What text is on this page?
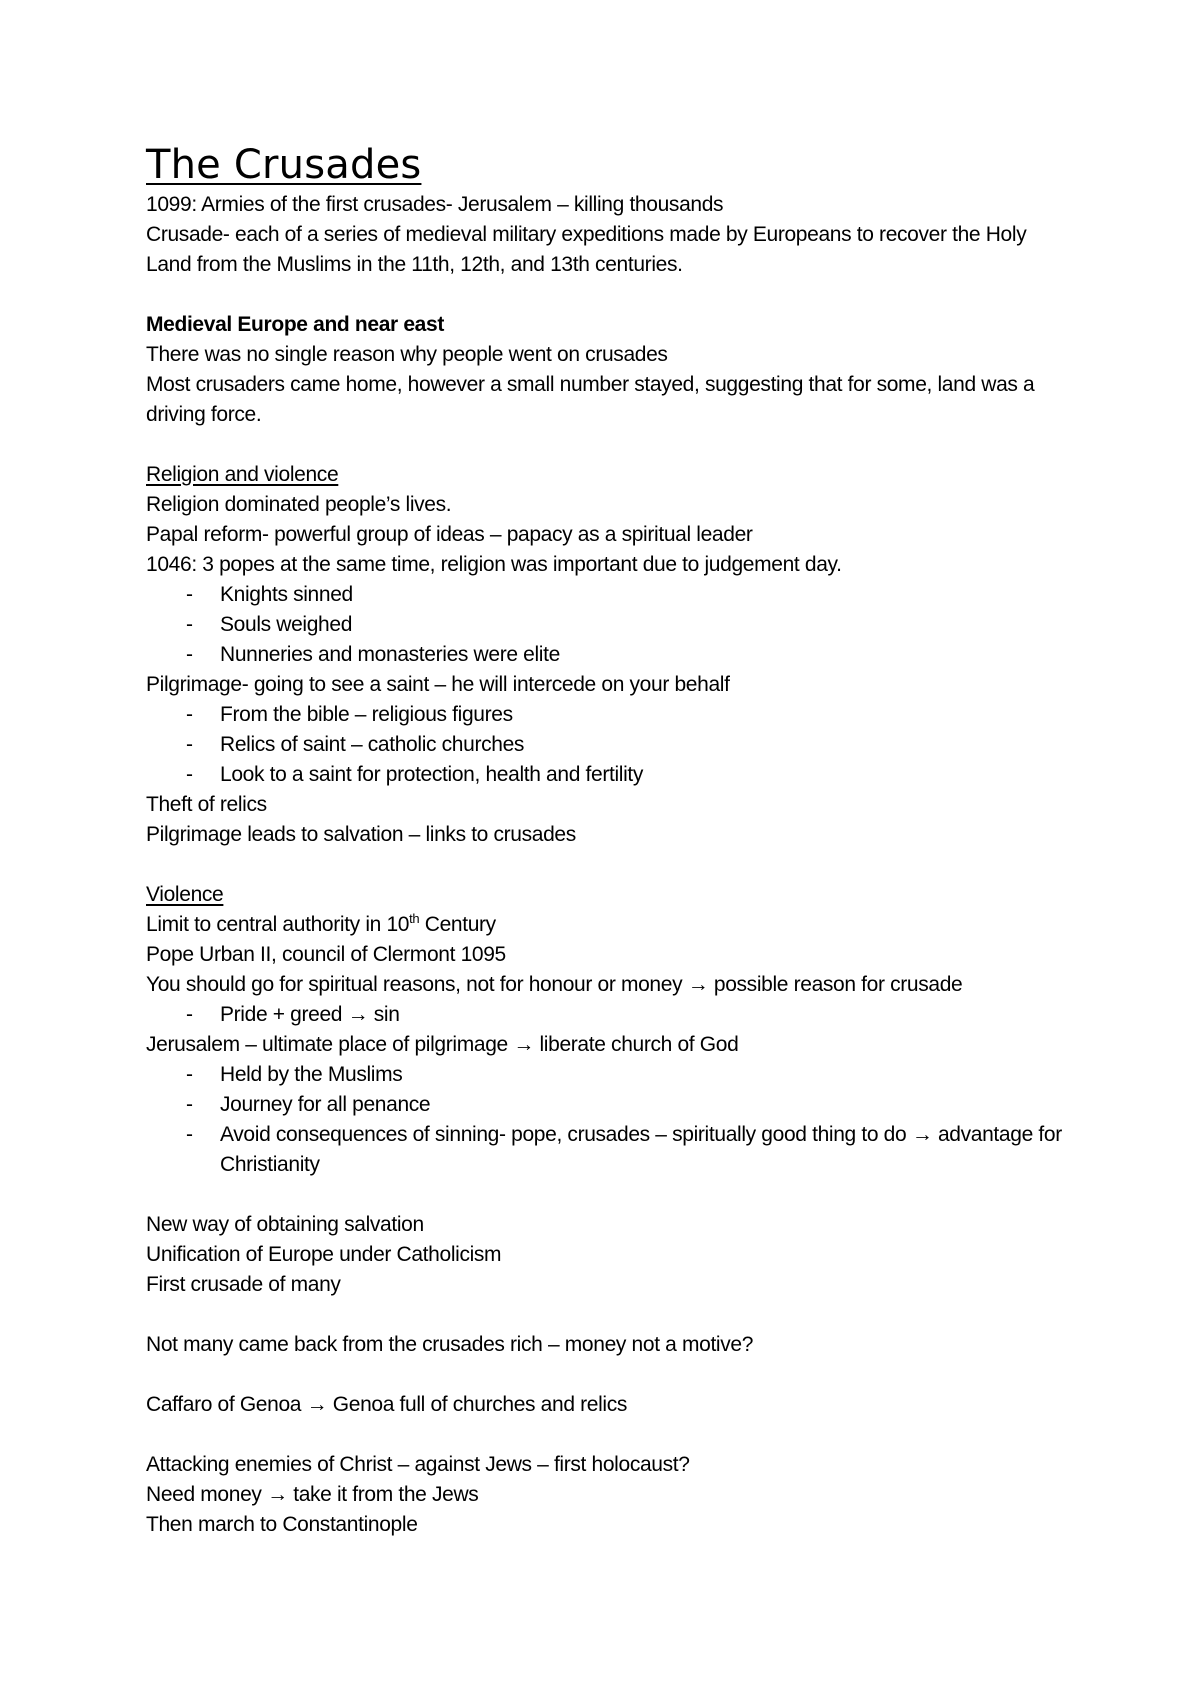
The Crusades

1099: Armies of the first crusades- Jerusalem – killing thousands

Crusade- each of a series of medieval military expeditions made by Europeans to recover the Holy Land from the Muslims in the 11th, 12th, and 13th centuries.

Medieval Europe and near east

There was no single reason why people went on crusades

Most crusaders came home, however a small number stayed, suggesting that for some, land was a driving force.

Religion and violence

Religion dominated people’s lives.

Papal reform- powerful group of ideas – papacy as a spiritual leader

1046: 3 popes at the same time, religion was important due to judgement day.

- Knights sinned

- Souls weighed

- Nunneries and monasteries were elite

Pilgrimage- going to see a saint – he will intercede on your behalf

- From the bible – religious figures

- Relics of saint – catholic churches

- Look to a saint for protection, health and fertility

Theft of relics

Pilgrimage leads to salvation – links to crusades

Violence

Limit to central authority in 10th Century

Pope Urban II, council of Clermont 1095

You should go for spiritual reasons, not for honour or money → possible reason for crusade

- Pride + greed → sin

Jerusalem – ultimate place of pilgrimage → liberate church of God

- Held by the Muslims

- Journey for all penance

- Avoid consequences of sinning- pope, crusades – spiritually good thing to do → advantage for Christianity

New way of obtaining salvation

Unification of Europe under Catholicism

First crusade of many

Not many came back from the crusades rich – money not a motive?

Caffaro of Genoa → Genoa full of churches and relics

Attacking enemies of Christ – against Jews – first holocaust?

Need money → take it from the Jews

Then march to Constantinople
